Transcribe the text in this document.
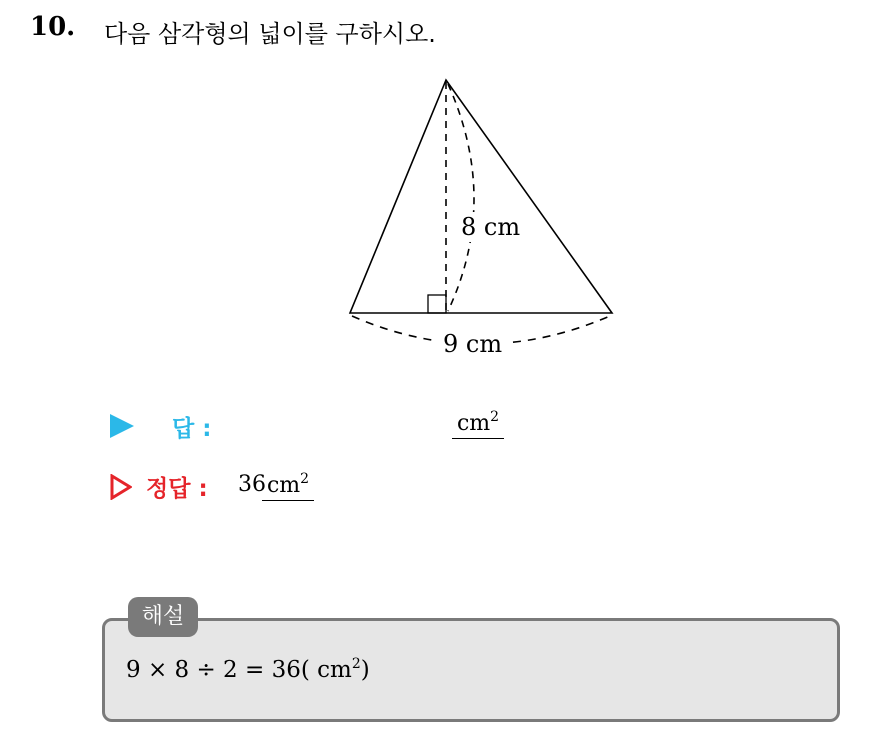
10. 다음 삼각형의 넓이를 구하시오.
8 cm
9 cm
답 :	$cm^2$
정답 : 36 $cm^2$
해설
9 × 8 ÷ 2 = 36( $cm^2$)
